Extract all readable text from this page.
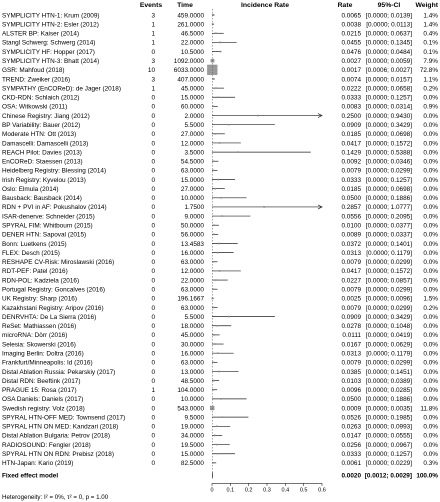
Events Time	Incidence Rate	Rate	95%-CI Weight
SYMPLICITY HTN-1: Krum (2009)	3	459.0000	0.0065 [0.0000; 0.0139] 1.4%
SYMPLICITY HTN-2: Esler (2012)	1	261.0000	0.0038 [0.0000; 0.0113] 1.4%
ALSTER BP: Kaiser (2014)	1	46.5000	0.0215 [0.0000; 0.0637] 0.4%
Stangl Schwerg: Schwerg (2014)	1	22.0000	0.0455 [0.0000; 0.1345] 0.1%
SYMPLICITY HF: Hopper (2017)	0	10.5000	0.0476 [0.0000; 0.0484] 0.1%
SYMPLICITY HTN-3: Bhatt (2014)	3	1092.0000	0.0027 [0.0000; 0.0059] 7.9%
GSR: Mahfoud (2018)	10	6033.0000	0.0017 [0.0006; 0.0027] 72.8%
TREND: Zweiker (2016)	3	407.0000	0.0074 [0.0000; 0.0157] 1.1%
SYMPATHY (EnCOReD): de Jager (2018)	1	45.0000	0.0222 [0.0000; 0.0658] 0.2%
CKD-RDN: Schlaich (2012)	0	15.0000	0.0333 [0.0000; 0.1257] 0.0%
OSA: Witkowski (2011)	0	60.0000	0.0083 [0.0000; 0.0314] 0.9%
Chinese Registry: Jiang (2012)	0	2.0000	0.2500 [0.0000; 0.9430] 0.0%
BP Variability: Bauer (2012)	0	5.5000	0.0909 [0.0000; 0.3429] 0.0%
Moderate HTN: Ott (2013)	0	27.0000	0.0185 [0.0000; 0.0698] 0.0%
Damascelli: Damascelli (2013)	0	12.0000	0.0417 [0.0000; 0.1572] 0.0%
REACH Pilot: Davies (2013)	0	3.5000	0.1429 [0.0000; 0.5388] 0.0%
EnCOReD: Staessen (2013)	0	54.5000	0.0092 [0.0000; 0.0346] 0.0%
Heidelberg Registry: Blessing (2014)	0	63.0000	0.0079 [0.0000; 0.0299] 0.0%
Irish Registry: Kyvelou (2013)	0	15.0000	0.0333 [0.0000; 0.1257] 0.0%
Oslo: Elmula (2014)	0	27.0000	0.0185 [0.0000; 0.0698] 0.0%
Bausback: Bausback (2014)	0	10.0000	0.0500 [0.0000; 0.1886] 0.0%
RDN + PVI in AF: Pokushalov (2014)	0	1.7500	0.2857 [0.0000; 1.0777] 0.0%
ISAR-denerve: Schneider (2015)	0	9.0000	0.0556 [0.0000; 0.2095] 0.0%
SPYRAL FIM: Whitbourn (2015)	0	50.0000	0.0100 [0.0000; 0.0377] 0.0%
DENER HTN: Sapoval (2015)	0	56.0000	0.0089 [0.0000; 0.0337] 0.0%
Bonn: Luetkens (2015)	0	13.4583	0.0372 [0.0000; 0.1401] 0.0%
FLEX: Desch (2015)	0	16.0000	0.0313 [0.0000; 0.1179] 0.0%
RESHAPE CV-Risk: Miroslawski (2016)	0	63.0000	0.0079 [0.0000; 0.0299] 0.0%
RDT-PEF: Patel (2016)	0	12.0000	0.0417 [0.0000; 0.1572] 0.0%
RDN-POL: Kadziela (2016)	0	22.0000	0.0227 [0.0000; 0.0857] 0.0%
Portugal Registry: Goncalves (2016)	0	63.0000	0.0079 [0.0000; 0.0299] 0.0%
UK Registry: Sharp (2016)	0	196.1667	0.0025 [0.0000; 0.0096] 1.5%
Kazakhstani Registry: Aripov (2016)	0	63.0000	0.0079 [0.0000; 0.0299] 0.2%
DENRVHTA: De La Sierra (2016)	0	5.5000	0.0909 [0.0000; 0.3429] 0.0%
ReSet: Mathiassen (2016)	0	18.0000	0.0278 [0.0000; 0.1048] 0.0%
microRNA: Dörr (2016)	0	45.0000	0.0111 [0.0000; 0.0419] 0.0%
Selesia: Skowerski (2016)	0	30.0000	0.0167 [0.0000; 0.0629] 0.0%
Imaging Berlin: Doltra (2016)	0	16.0000	0.0313 [0.0000; 0.1179] 0.0%
Frankfurt/Minneapolis: Id (2016)	0	63.0000	0.0079 [0.0000; 0.0299] 0.0%
Distal Ablation Russia: Pekarskiy (2017)	0	13.0000	0.0385 [0.0000; 0.1451] 0.0%
Distal RDN: Beeftink (2017)	0	48.5000	0.0103 [0.0000; 0.0389] 0.0%
PRAGUE 15: Rosa (2017)	1	104.0000	0.0096 [0.0000; 0.0285] 0.0%
OSA Daniels: Daniels (2017)	0	10.0000	0.0500 [0.0000; 0.1886] 0.0%
Swedish registry: Volz (2018)	0	543.0000	0.0009 [0.0000; 0.0035] 11.8%
SPYRAL HTN-OFF MED: Townsend (2017)	0	9.5000	0.0526 [0.0000; 0.1985] 0.0%
SPYRAL HTN ON MED: Kandzari (2018)	0	19.0000	0.0263 [0.0000; 0.0993] 0.0%
Distal Ablation Bulgaria: Petrov (2018)	0	34.0000	0.0147 [0.0000; 0.0555] 0.0%
RADIOSOUND: Fengler (2018)	0	19.5000	0.0256 [0.0000; 0.0967] 0.0%
SPYRAL HTN ON RDN: Prebisz (2018)	0	15.0000	0.0333 [0.0000; 0.1257] 0.0%
HTN-Japan: Kario (2019)	0	82.5000	0.0061 [0.0000; 0.0229] 0.3%
Fixed effect model	0.0020 [0.0012; 0.0029] 100.0%
0 0.1 0.2 0.3 0.4 0.5 0.6
Heterogeneity: I² = 0%, τ² = 0, p = 1.00
